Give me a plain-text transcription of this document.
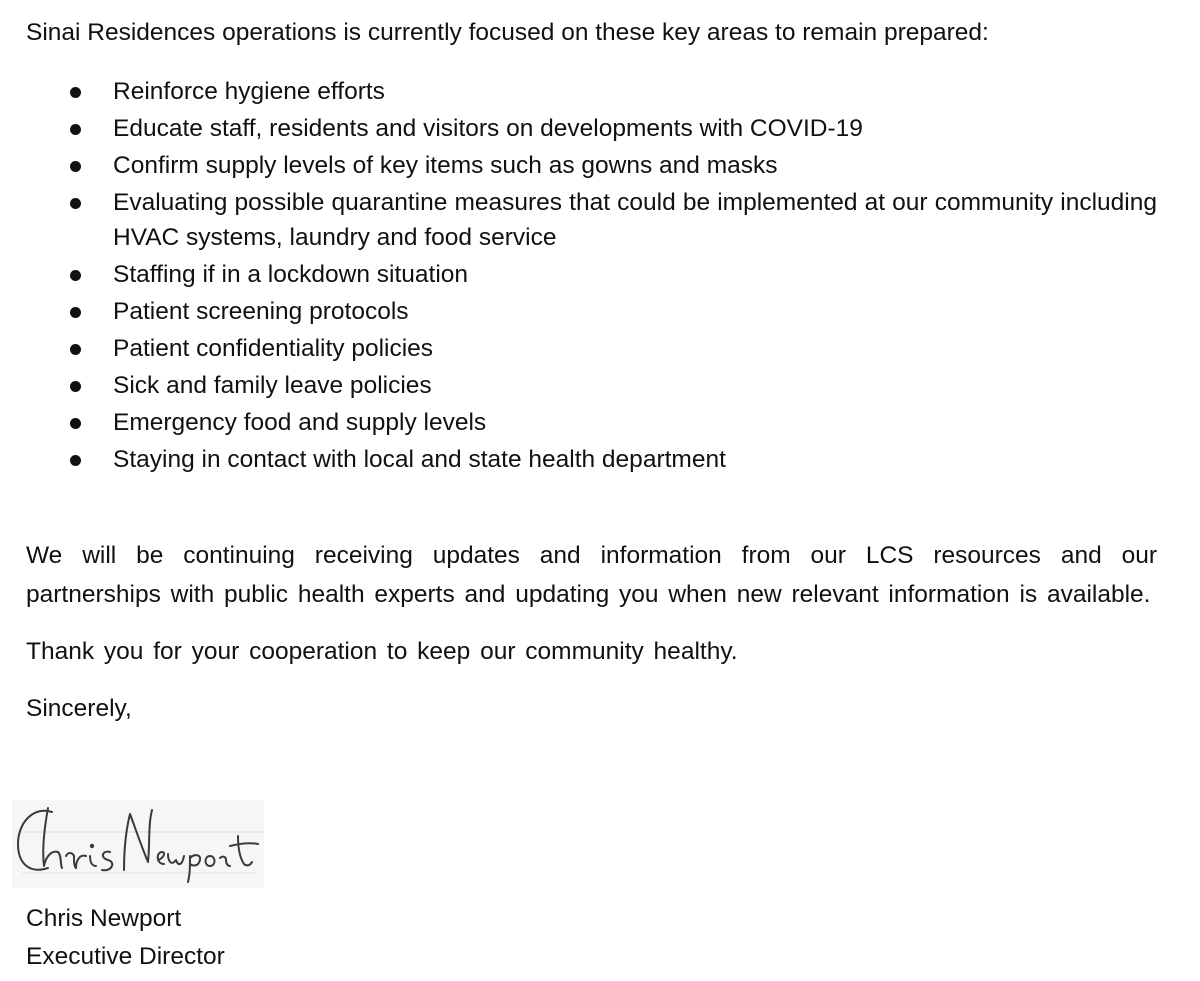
Sinai Residences operations is currently focused on these key areas to remain prepared:

Reinforce hygiene efforts
Educate staff, residents and visitors on developments with COVID-19
Confirm supply levels of key items such as gowns and masks
Evaluating possible quarantine measures that could be implemented at our community including HVAC systems, laundry and food service
Staffing if in a lockdown situation
Patient screening protocols
Patient confidentiality policies
Sick and family leave policies
Emergency food and supply levels
Staying in contact with local and state health department

We will be continuing receiving updates and information from our LCS resources and our partnerships with public health experts and updating you when new relevant information is available.

Thank you for your cooperation to keep our community healthy.

Sincerely,

Chris Newport
Executive Director
